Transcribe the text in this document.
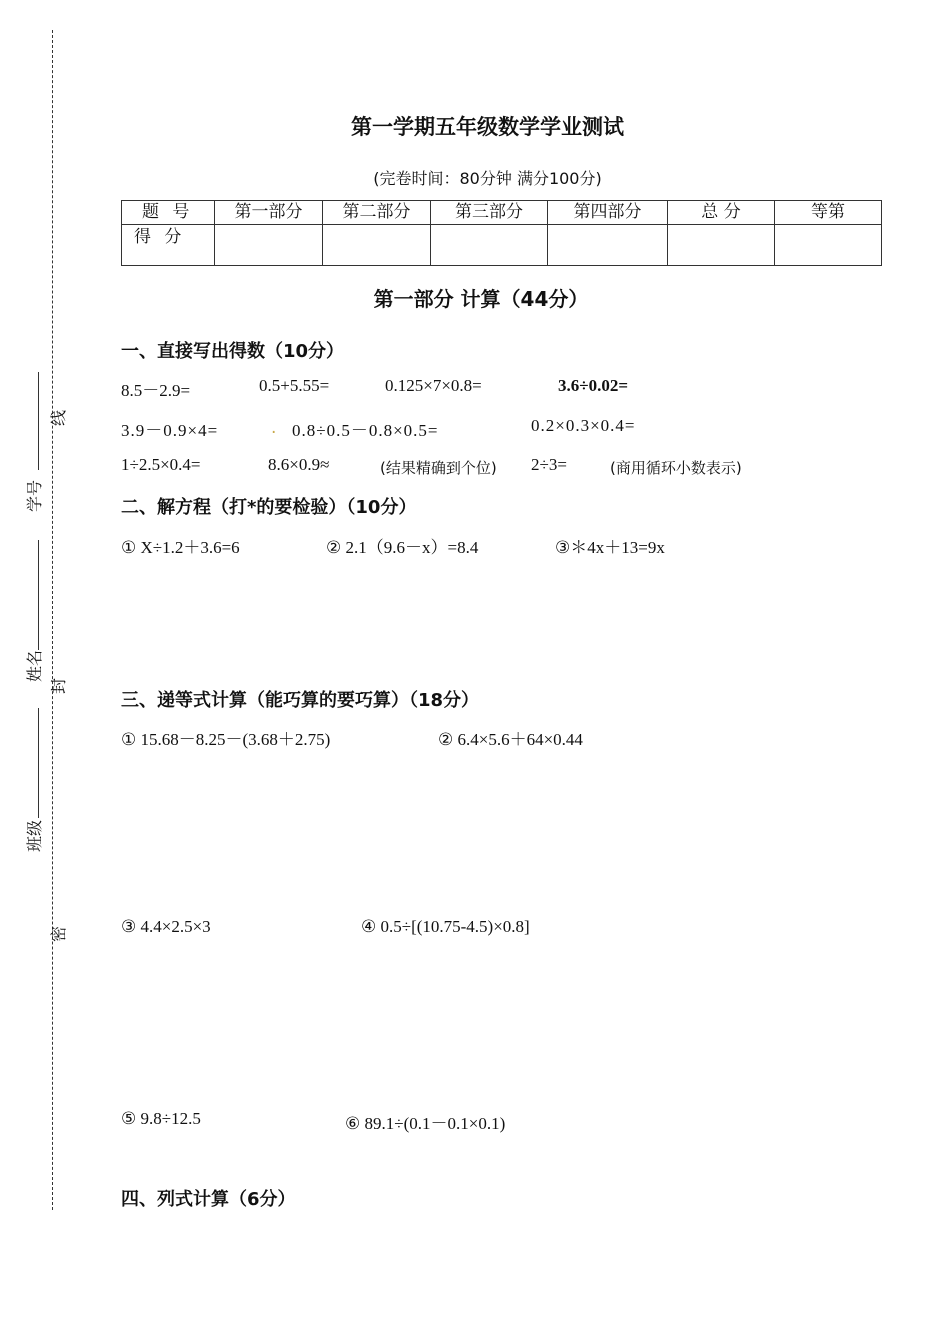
学号
姓名
班级
线
封
密
第一学期五年级数学学业测试
(完卷时间：80分钟 满分100分)
题 号	第一部分	第二部分	第三部分	第四部分	总 分	等第
得 分						
第一部分 计算（44分）
一、直接写出得数（10分）
8.5－2.9=	0.5+5.55=	0.125×7×0.8=	3.6÷0.02=
3.9－0.9×4=	. 0.8÷0.5－0.8×0.5=	0.2×0.3×0.4=
1÷2.5×0.4=	8.6×0.9≈	(结果精确到个位) 2÷3=	(商用循环小数表示)
二、解方程（打*的要检验）（10分）
① X÷1.2＋3.6=6	② 2.1（9.6－x）=8.4	③＊4x＋13=9x
三、递等式计算（能巧算的要巧算）（18分）
① 15.68－8.25－(3.68＋2.75)	② 6.4×5.6＋64×0.44
③ 4.4×2.5×3	④ 0.5÷[(10.75-4.5)×0.8]
⑤ 9.8÷12.5	⑥ 89.1÷(0.1－0.1×0.1)
四、列式计算（6分）
